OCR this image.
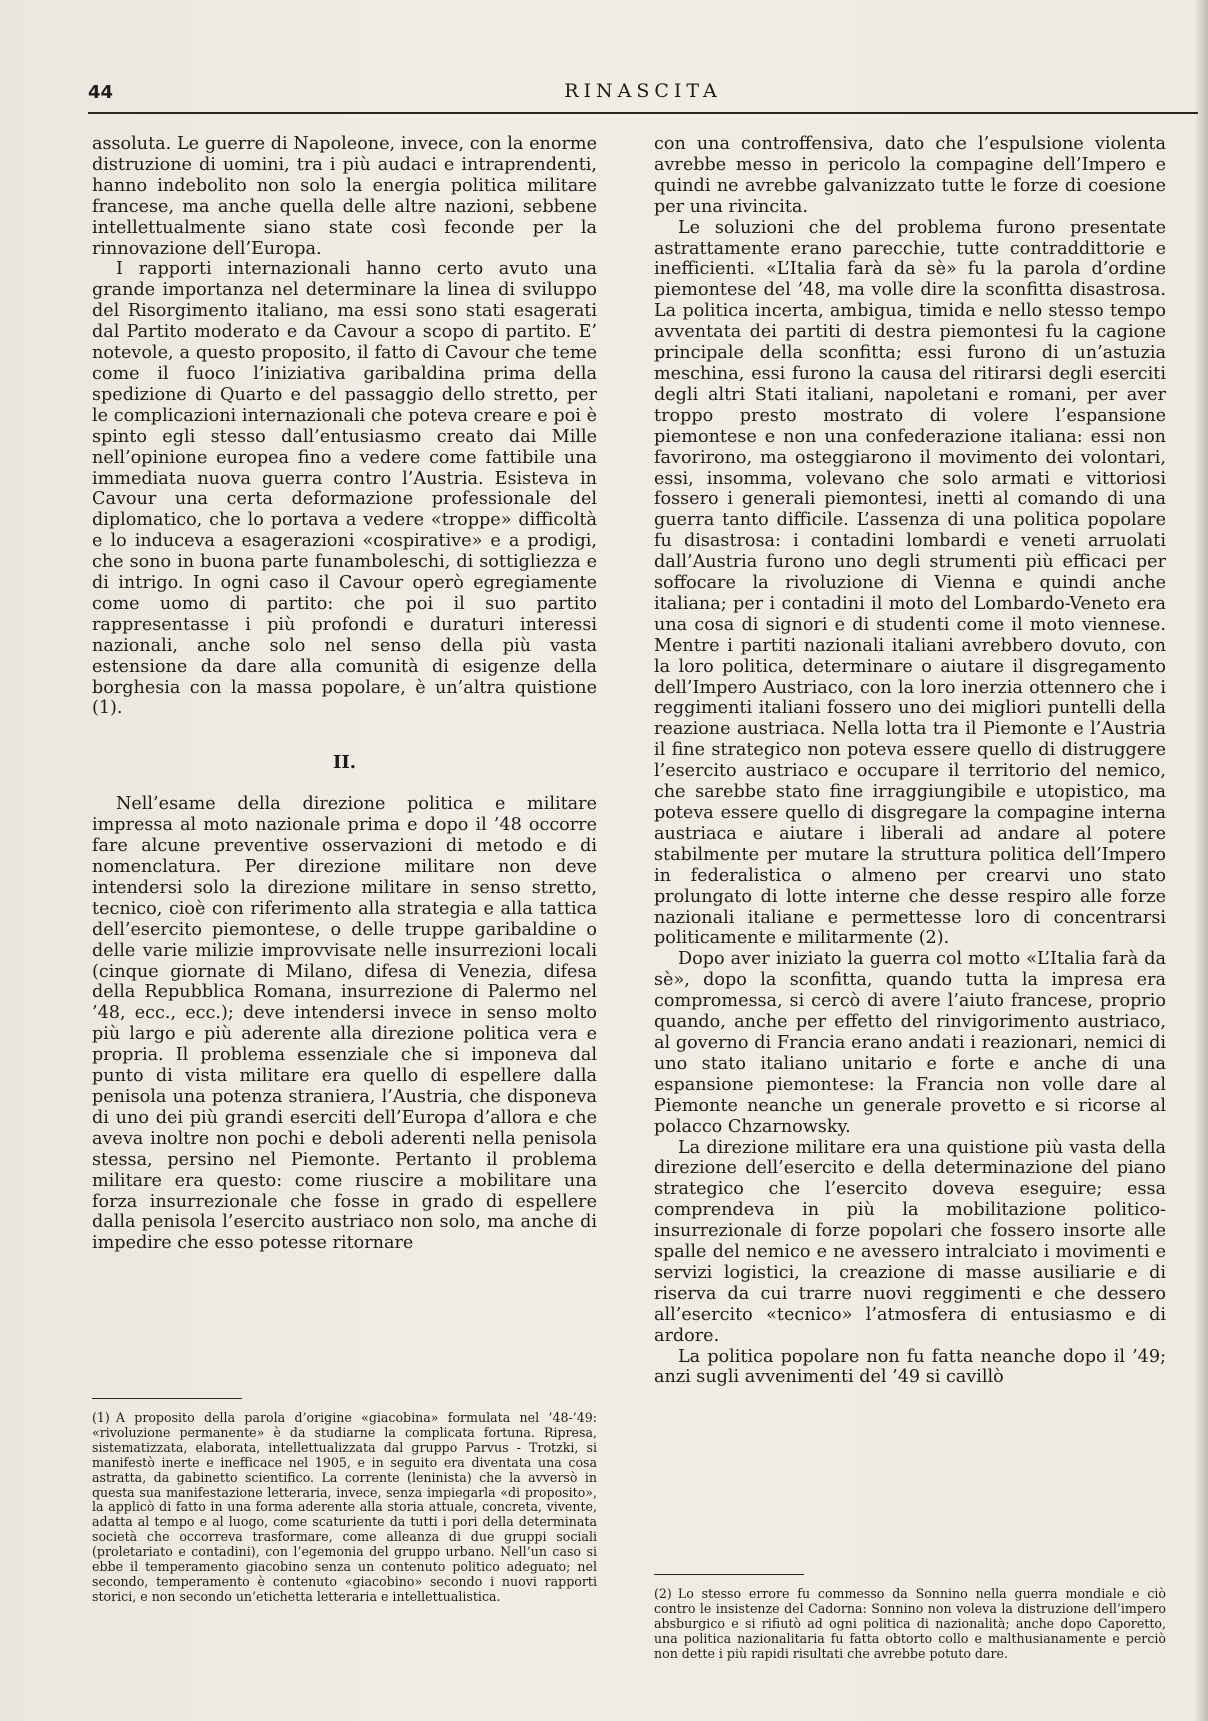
44	RINASCITA

assoluta. Le guerre di Napoleone, invece, con la enorme distruzione di uomini, tra i più audaci e intraprendenti, hanno indebolito non solo la energia politica militare francese, ma anche quella delle altre nazioni, sebbene intellettualmente siano state così feconde per la rinnovazione dell’Europa.

I rapporti internazionali hanno certo avuto una grande importanza nel determinare la linea di sviluppo del Risorgimento italiano, ma essi sono stati esagerati dal Partito moderato e da Cavour a scopo di partito. E’ notevole, a questo proposito, il fatto di Cavour che teme come il fuoco l’iniziativa garibaldina prima della spedizione di Quarto e del passaggio dello stretto, per le complicazioni internazionali che poteva creare e poi è spinto egli stesso dall’entusiasmo creato dai Mille nell’opinione europea fino a vedere come fattibile una immediata nuova guerra contro l’Austria. Esisteva in Cavour una certa deformazione professionale del diplomatico, che lo portava a vedere «troppe» difficoltà e lo induceva a esagerazioni «cospirative» e a prodigi, che sono in buona parte funamboleschi, di sottigliezza e di intrigo. In ogni caso il Cavour operò egregiamente come uomo di partito: che poi il suo partito rappresentasse i più profondi e duraturi interessi nazionali, anche solo nel senso della più vasta estensione da dare alla comunità di esigenze della borghesia con la massa popolare, è un’altra quistione (1).

II.

Nell’esame della direzione politica e militare impressa al moto nazionale prima e dopo il ’48 occorre fare alcune preventive osservazioni di metodo e di nomenclatura. Per direzione militare non deve intendersi solo la direzione militare in senso stretto, tecnico, cioè con riferimento alla strategia e alla tattica dell’esercito piemontese, o delle truppe garibaldine o delle varie milizie improvvisate nelle insurrezioni locali (cinque giornate di Milano, difesa di Venezia, difesa della Repubblica Romana, insurrezione di Palermo nel ’48, ecc., ecc.); deve intendersi invece in senso molto più largo e più aderente alla direzione politica vera e propria. Il problema essenziale che si imponeva dal punto di vista militare era quello di espellere dalla penisola una potenza straniera, l’Austria, che disponeva di uno dei più grandi eserciti dell’Europa d’allora e che aveva inoltre non pochi e deboli aderenti nella penisola stessa, persino nel Piemonte. Pertanto il problema militare era questo: come riuscire a mobilitare una forza insurrezionale che fosse in grado di espellere dalla penisola l’esercito austriaco non solo, ma anche di impedire che esso potesse ritornare

(1) A proposito della parola d’origine «giacobina» formulata nel ’48-’49: «rivoluzione permanente» è da studiarne la complicata fortuna. Ripresa, sistematizzata, elaborata, intellettualizzata dal gruppo Parvus - Trotzki, si manifestò inerte e inefficace nel 1905, e in seguito era diventata una cosa astratta, da gabinetto scientifico. La corrente (leninista) che la avversò in questa sua manifestazione letteraria, invece, senza impiegarla «di proposito», la applicò di fatto in una forma aderente alla storia attuale, concreta, vivente, adatta al tempo e al luogo, come scaturiente da tutti i pori della determinata società che occorreva trasformare, come alleanza di due gruppi sociali (proletariato e contadini), con l’egemonia del gruppo urbano. Nell’un caso si ebbe il temperamento giacobino senza un contenuto politico adeguato; nel secondo, temperamento è contenuto «giacobino» secondo i nuovi rapporti storici, e non secondo un’etichetta letteraria e intellettualistica.

con una controffensiva, dato che l’espulsione violenta avrebbe messo in pericolo la compagine dell’Impero e quindi ne avrebbe galvanizzato tutte le forze di coesione per una rivincita.

Le soluzioni che del problema furono presentate astrattamente erano parecchie, tutte contraddittorie e inefficienti. «L’Italia farà da sè» fu la parola d’ordine piemontese del ’48, ma volle dire la sconfitta disastrosa. La politica incerta, ambigua, timida e nello stesso tempo avventata dei partiti di destra piemontesi fu la cagione principale della sconfitta; essi furono di un’astuzia meschina, essi furono la causa del ritirarsi degli eserciti degli altri Stati italiani, napoletani e romani, per aver troppo presto mostrato di volere l’espansione piemontese e non una confederazione italiana: essi non favorirono, ma osteggiarono il movimento dei volontari, essi, insomma, volevano che solo armati e vittoriosi fossero i generali piemontesi, inetti al comando di una guerra tanto difficile. L’assenza di una politica popolare fu disastrosa: i contadini lombardi e veneti arruolati dall’Austria furono uno degli strumenti più efficaci per soffocare la rivoluzione di Vienna e quindi anche italiana; per i contadini il moto del Lombardo-Veneto era una cosa di signori e di studenti come il moto viennese. Mentre i partiti nazionali italiani avrebbero dovuto, con la loro politica, determinare o aiutare il disgregamento dell’Impero Austriaco, con la loro inerzia ottennero che i reggimenti italiani fossero uno dei migliori puntelli della reazione austriaca. Nella lotta tra il Piemonte e l’Austria il fine strategico non poteva essere quello di distruggere l’esercito austriaco e occupare il territorio del nemico, che sarebbe stato fine irraggiungibile e utopistico, ma poteva essere quello di disgregare la compagine interna austriaca e aiutare i liberali ad andare al potere stabilmente per mutare la struttura politica dell’Impero in federalistica o almeno per crearvi uno stato prolungato di lotte interne che desse respiro alle forze nazionali italiane e permettesse loro di concentrarsi politicamente e militarmente (2).

Dopo aver iniziato la guerra col motto «L’Italia farà da sè», dopo la sconfitta, quando tutta la impresa era compromessa, si cercò di avere l’aiuto francese, proprio quando, anche per effetto del rinvigorimento austriaco, al governo di Francia erano andati i reazionari, nemici di uno stato italiano unitario e forte e anche di una espansione piemontese: la Francia non volle dare al Piemonte neanche un generale provetto e si ricorse al polacco Chzarnowsky.

La direzione militare era una quistione più vasta della direzione dell’esercito e della determinazione del piano strategico che l’esercito doveva eseguire; essa comprendeva in più la mobilitazione politico-insurrezionale di forze popolari che fossero insorte alle spalle del nemico e ne avessero intralciato i movimenti e servizi logistici, la creazione di masse ausiliarie e di riserva da cui trarre nuovi reggimenti e che dessero all’esercito «tecnico» l’atmosfera di entusiasmo e di ardore.

La politica popolare non fu fatta neanche dopo il ’49; anzi sugli avvenimenti del ’49 si cavillò

(2) Lo stesso errore fu commesso da Sonnino nella guerra mondiale e ciò contro le insistenze del Cadorna: Sonnino non voleva la distruzione dell’impero absburgico e si rifiutò ad ogni politica di nazionalità; anche dopo Caporetto, una politica nazionalitaria fu fatta obtorto collo e malthusianamente e perciò non dette i più rapidi risultati che avrebbe potuto dare.
